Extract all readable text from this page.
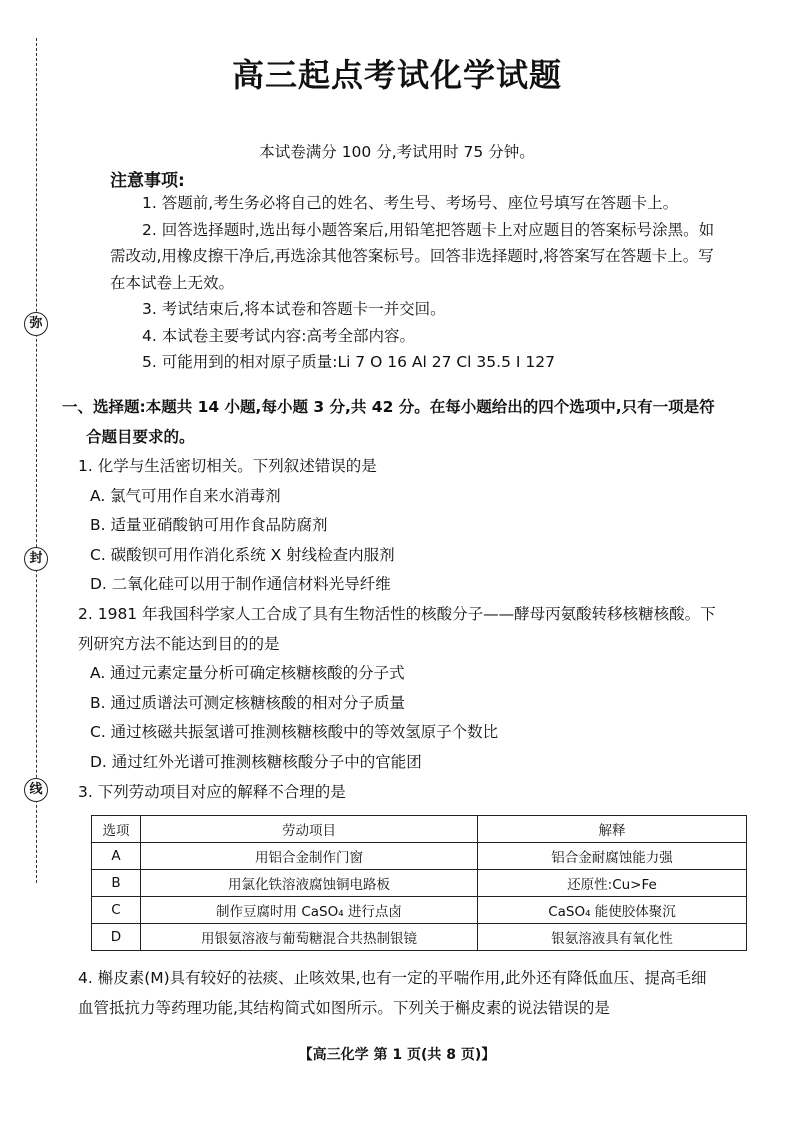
弥
封
线
高三起点考试化学试题
本试卷满分 100 分,考试用时 75 分钟。
注意事项:

1. 答题前,考生务必将自己的姓名、考生号、考场号、座位号填写在答题卡上。

2. 回答选择题时,选出每小题答案后,用铅笔把答题卡上对应题目的答案标号涂黑。如需改动,用橡皮擦干净后,再选涂其他答案标号。回答非选择题时,将答案写在答题卡上。写在本试卷上无效。

3. 考试结束后,将本试卷和答题卡一并交回。

4. 本试卷主要考试内容:高考全部内容。

5. 可能用到的相对原子质量:Li 7 O 16 Al 27 Cl 35.5 I 127

一、选择题:本题共 14 小题,每小题 3 分,共 42 分。在每小题给出的四个选项中,只有一项是符
合题目要求的。

1. 化学与生活密切相关。下列叙述错误的是

A. 氯气可用作自来水消毒剂

B. 适量亚硝酸钠可用作食品防腐剂

C. 碳酸钡可用作消化系统 X 射线检查内服剂

D. 二氧化硅可以用于制作通信材料光导纤维

2. 1981 年我国科学家人工合成了具有生物活性的核酸分子——酵母丙氨酸转移核糖核酸。下

列研究方法不能达到目的的是

A. 通过元素定量分析可确定核糖核酸的分子式

B. 通过质谱法可测定核糖核酸的相对分子质量

C. 通过核磁共振氢谱可推测核糖核酸中的等效氢原子个数比

D. 通过红外光谱可推测核糖核酸分子中的官能团

3. 下列劳动项目对应的解释不合理的是

选项	劳动项目	解释
A	用铝合金制作门窗	铝合金耐腐蚀能力强
B	用氯化铁溶液腐蚀铜电路板	还原性:Cu>Fe
C	制作豆腐时用 CaSO₄ 进行点卤	CaSO₄ 能使胶体聚沉
D	用银氨溶液与葡萄糖混合共热制银镜	银氨溶液具有氧化性

4. 槲皮素(M)具有较好的祛痰、止咳效果,也有一定的平喘作用,此外还有降低血压、提高毛细

血管抵抗力等药理功能,其结构简式如图所示。下列关于槲皮素的说法错误的是

【高三化学 第 1 页(共 8 页)】
